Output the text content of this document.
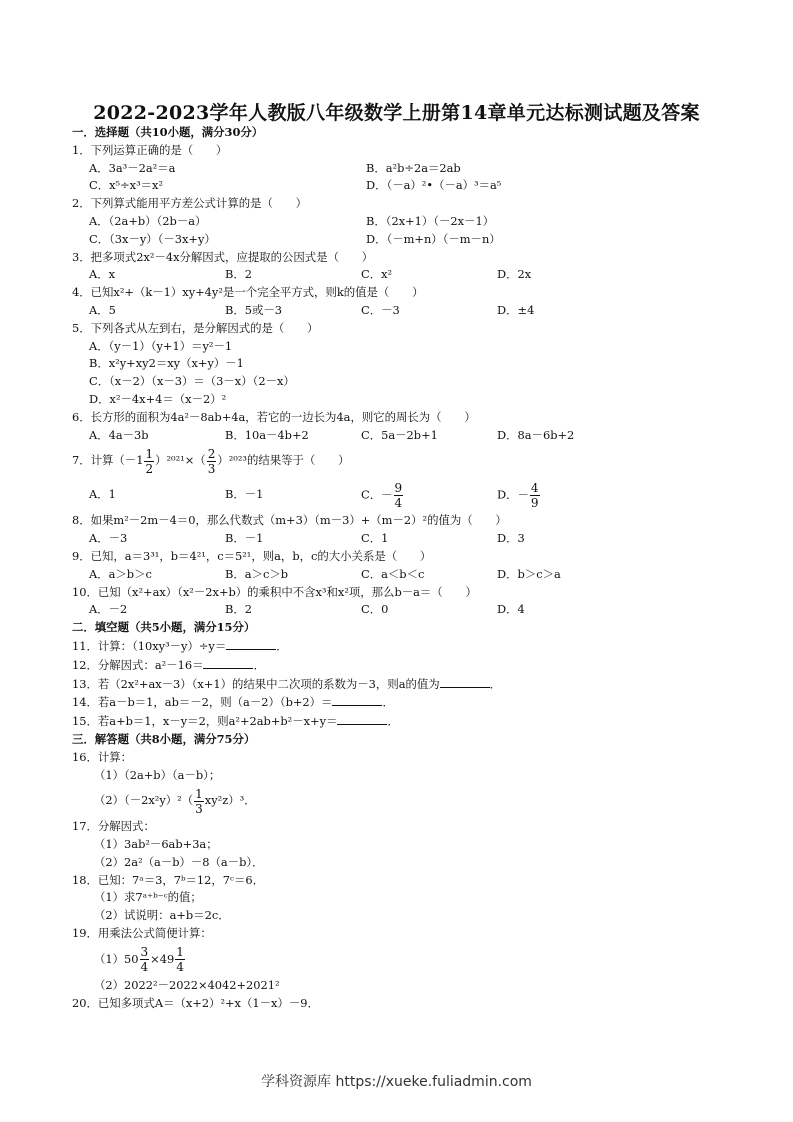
2022-2023学年人教版八年级数学上册第14章单元达标测试题及答案
一．选择题（共10小题，满分30分）
1．下列运算正确的是（　　）
A．3a³－2a²＝a	B．a²b÷2a＝2ab
C．x⁵÷x³＝x²	D．（－a）²•（－a）³＝a⁵
2．下列算式能用平方差公式计算的是（　　）
A．（2a+b）（2b－a）	B．（2x+1）（－2x－1）
C．（3x－y）（－3x+y）	D．（－m+n）（－m－n）
3．把多项式2x²－4x分解因式，应提取的公因式是（　　）
A．x	B．2	C．x²	D．2x
4．已知x²+（k－1）xy+4y²是一个完全平方式，则k的值是（　　）
A．5	B．5或－3	C．－3	D．±4
5．下列各式从左到右，是分解因式的是（　　）
A．（y－1）（y+1）＝y²－1
B．x²y+xy2＝xy（x+y）－1
C．（x－2）（x－3）＝（3－x）（2－x）
D．x²－4x+4＝（x－2）²
6．长方形的面积为4a²－8ab+4a，若它的一边长为4a，则它的周长为（　　）
A．4a－3b	B．10a－4b+2	C．5a－2b+1	D．8a－6b+2
7．计算$(-1 \frac{1}{2} )^{2021}\times( \frac{2}{3} )^{2023}$的结果等于（　　）
A．1	B．－1	C．－ $\frac{9}{4}$	D．－ $\frac{4}{9}$
8．如果m²－2m－4＝0，那么代数式（m+3）（m－3）+（m－2）²的值为（　　）
A．－3	B．－1	C．1	D．3
9．已知，a＝3³¹，b＝4²¹，c＝5²¹，则a，b，c的大小关系是（　　）
A．a＞b＞c	B．a＞c＞b	C．a＜b＜c	D．b＞c＞a
10．已知（x²+ax）（x²－2x+b）的乘积中不含x³和x²项，那么b－a＝（　　）
A．－2	B．2	C．0	D．4
二．填空题（共5小题，满分15分）
11．计算：（10xy³－y）÷y＝	．
12．分解因式：a²－16＝	．
13．若（2x²+ax－3）（x+1）的结果中二次项的系数为－3，则a的值为	．
14．若a－b＝1，ab＝－2，则（a－2）（b+2）＝	．
15．若a+b＝1，x－y＝2，则a²+2ab+b²－x+y＝	．
三．解答题（共8小题，满分75分）
16．计算：
（1）（2a+b）（a－b）；
$(2)(-2x^2y)^2( \frac{1}{3} xy^2z)^3$．
17．分解因式：
（1）3ab²－6ab+3a；
（2）2a²（a－b）－8（a－b）．
18．已知：7ᵃ＝3，7ᵇ＝12，7ᶜ＝6．
（1）求7ᵃ⁺ᵇ⁻ᶜ的值；
（2）试说明：a+b＝2c．
19．用乘法公式简便计算：
$(1)50 \frac{3}{4} \times 49 \frac{1}{4}$
（2）2022²－2022×4042+2021²
20．已知多项式A＝（x+2）²+x（1－x）－9．
学科资源库 https://xueke.fuliadmin.com
